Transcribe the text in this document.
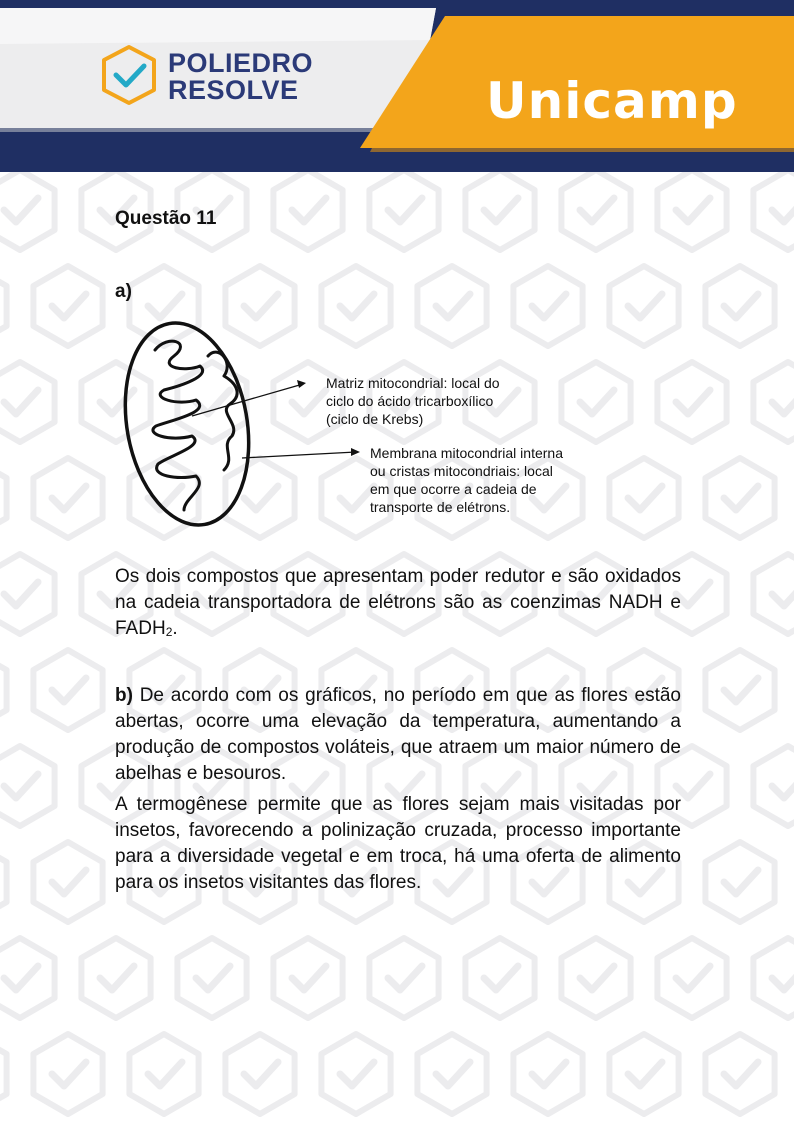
POLIEDRO
RESOLVE	Unicamp
Questão 11
a)
Matriz mitocondrial: local do
ciclo do ácido tricarboxílico
(ciclo de Krebs)
Membrana mitocondrial interna
ou cristas mitocondriais: local
em que ocorre a cadeia de
transporte de elétrons.
Os dois compostos que apresentam poder redutor e são oxidados na cadeia transportadora de elétrons são as coenzimas NADH e $FADH_2$.
b) De acordo com os gráficos, no período em que as flores estão abertas, ocorre uma elevação da temperatura, aumentando a produção de compostos voláteis, que atraem um maior número de abelhas e besouros.
A termogênese permite que as flores sejam mais visitadas por insetos, favorecendo a polinização cruzada, processo importante para a diversidade vegetal e em troca, há uma oferta de alimento para os insetos visitantes das flores.
